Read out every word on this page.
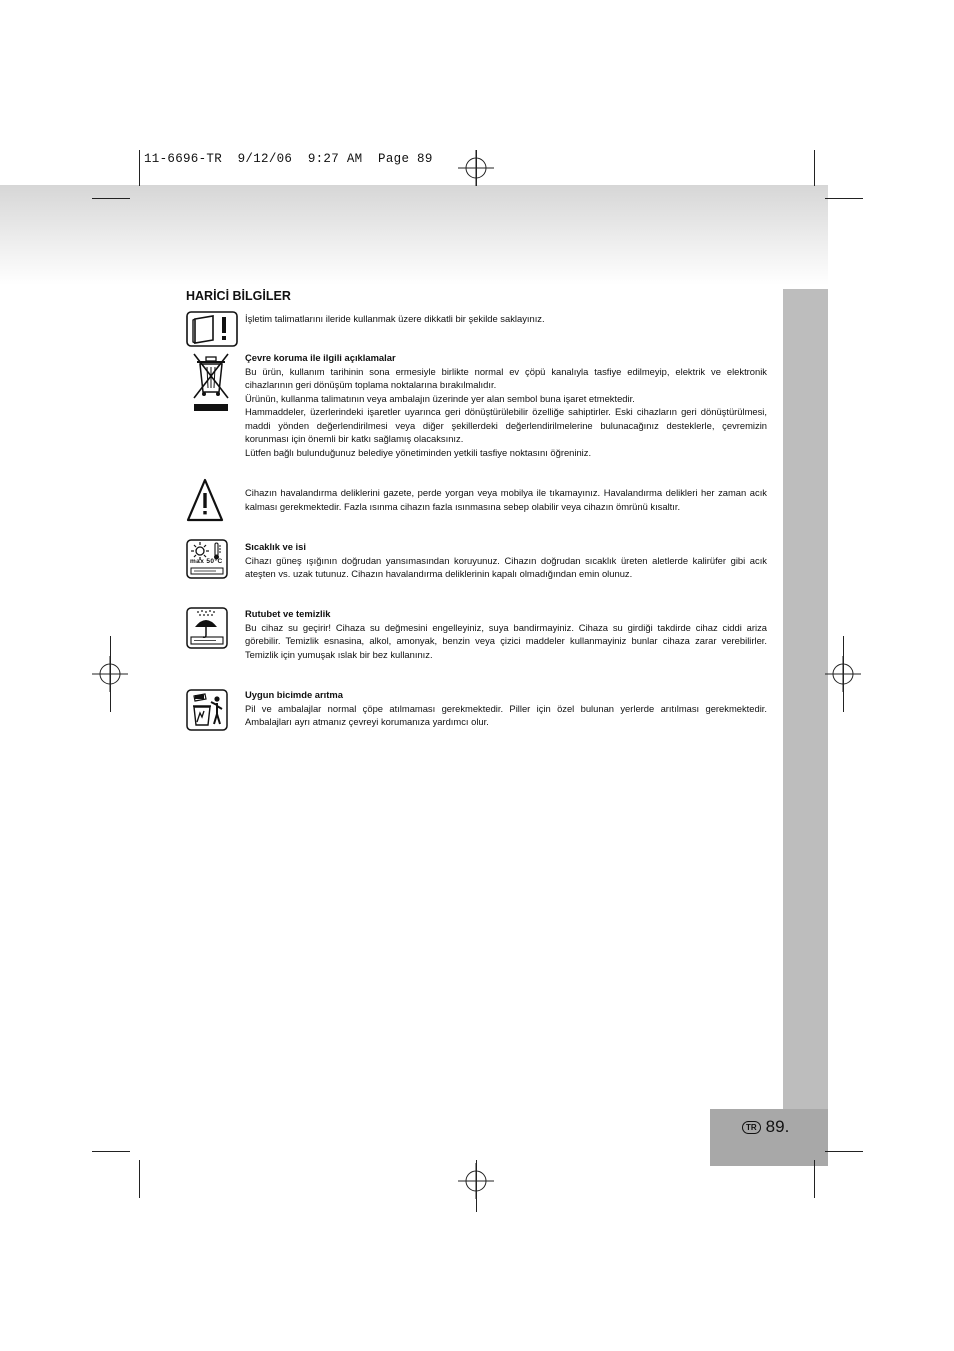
11-6696-TR  9/12/06  9:27 AM  Page 89
HARİCİ BİLGİLER
max 50°C

İşletim talimatlarını ileride kullanmak üzere dikkatli bir şekilde saklayınız.

Çevre koruma ile ilgili açıklamalar

Bu ürün, kullanım tarihinin sona ermesiyle birlikte normal ev çöpü kanalıyla tasfiye edilmeyip, elektrik ve elektronik cihazlarının geri dönüşüm toplama noktalarına bırakılmalıdır.

Ürünün, kullanma talimatının veya ambalajın üzerinde yer alan sembol buna işaret etmektedir.

Hammaddeler, üzerlerindeki işaretler uyarınca geri dönüştürülebilir özelliğe sahiptirler. Eski cihazların geri dönüştürülmesi, maddi yönden değerlendirilmesi veya diğer şekillerdeki değerlendirilmelerine bulunacağınız desteklerle, çevremizin korunması için önemli bir katkı sağlamış olacaksınız.

Lütfen bağlı bulunduğunuz belediye yönetiminden yetkili tasfiye noktasını öğreniniz.

Cihazın havalandırma deliklerini gazete, perde yorgan veya mobilya ile tıkamayınız. Havalandırma delikleri her zaman acık kalması gerekmektedir. Fazla ısınma cihazın fazla ısınmasına sebep olabilir veya cihazın ömrünü kısaltır.

Sıcaklık ve isi

Cihazı güneş ışığının doğrudan yansımasından koruyunuz. Cihazın doğrudan sıcaklık üreten aletlerde kalirüfer gibi acık ateşten vs. uzak tutunuz. Cihazın havalandırma deliklerinin kapalı olmadığından emin olunuz.

Rutubet ve temizlik

Bu cihaz su geçirir! Cihaza su değmesini engelleyiniz, suya bandirmayiniz. Cihaza su girdiği takdirde cihaz ciddi ariza görebilir. Temizlik esnasina, alkol, amonyak, benzin veya çizici maddeler kullanmayiniz bunlar cihaza zarar verebilirler. Temizlik için yumuşak ıslak bir bez kullanınız.

Uygun bicimde arıtma

Pil ve ambalajlar normal çöpe atılmaması gerekmektedir. Piller için özel bulunan yerlerde arıtılması gerekmektedir. Ambalajları ayrı atmanız çevreyi korumanıza yardımcı olur.

TR 89.
